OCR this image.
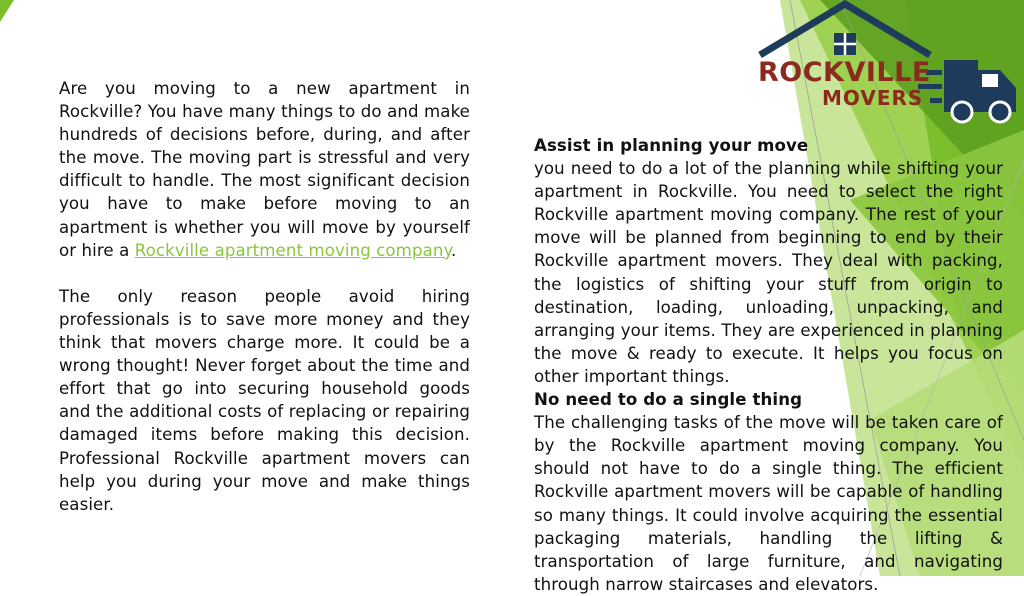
ROCKVILLE
MOVERS

Are you moving to a new apartment in Rockville? You have many things to do and make hundreds of decisions before, during, and after the move. The moving part is stressful and very difficult to handle. The most significant decision you have to make before moving to an apartment is whether you will move by yourself or hire a Rockville apartment moving company.

The only reason people avoid hiring professionals is to save more money and they think that movers charge more. It could be a wrong thought! Never forget about the time and effort that go into securing household goods and the additional costs of replacing or repairing damaged items before making this decision. Professional Rockville apartment movers can help you during your move and make things easier.

Assist in planning your move
you need to do a lot of the planning while shifting your apartment in Rockville. You need to select the right Rockville apartment moving company. The rest of your move will be planned from beginning to end by their Rockville apartment movers. They deal with packing, the logistics of shifting your stuff from origin to destination, loading, unloading, unpacking, and arranging your items. They are experienced in planning the move & ready to execute. It helps you focus on other important things.
No need to do a single thing
The challenging tasks of the move will be taken care of by the Rockville apartment moving company. You should not have to do a single thing. The efficient Rockville apartment movers will be capable of handling so many things. It could involve acquiring the essential packaging materials, handling the lifting & transportation of large furniture, and navigating through narrow staircases and elevators.
